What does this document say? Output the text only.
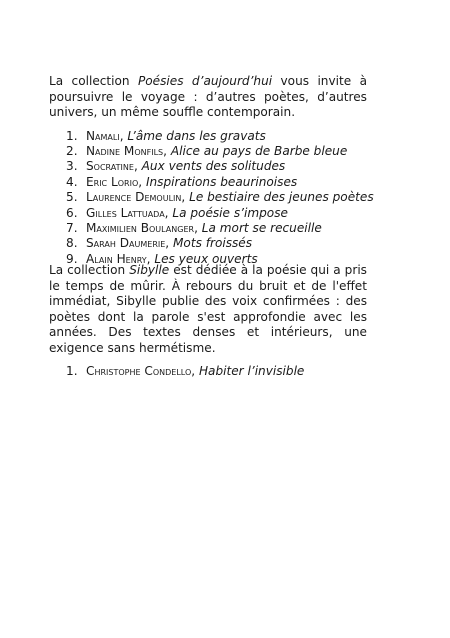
La collection Poésies d’aujourd’hui vous invite à poursuivre le voyage : d’autres poètes, d’autres univers, un même souffle contemporain.

1. Namali, L’âme dans les gravats
2. Nadine Monfils, Alice au pays de Barbe bleue
3. Socratine, Aux vents des solitudes
4. Eric Lorio, Inspirations beaurinoises
5. Laurence Demoulin, Le bestiaire des jeunes poètes
6. Gilles Lattuada, La poésie s’impose
7. Maximilien Boulanger, La mort se recueille
8. Sarah Daumerie, Mots froissés
9. Alain Henry, Les yeux ouverts

La collection Sibylle est dédiée à la poésie qui a pris le temps de mûrir. À rebours du bruit et de l'effet immédiat, Sibylle publie des voix confirmées : des poètes dont la parole s'est approfondie avec les années. Des textes denses et intérieurs, une exigence sans hermétisme.

1. Christophe Condello, Habiter l’invisible
